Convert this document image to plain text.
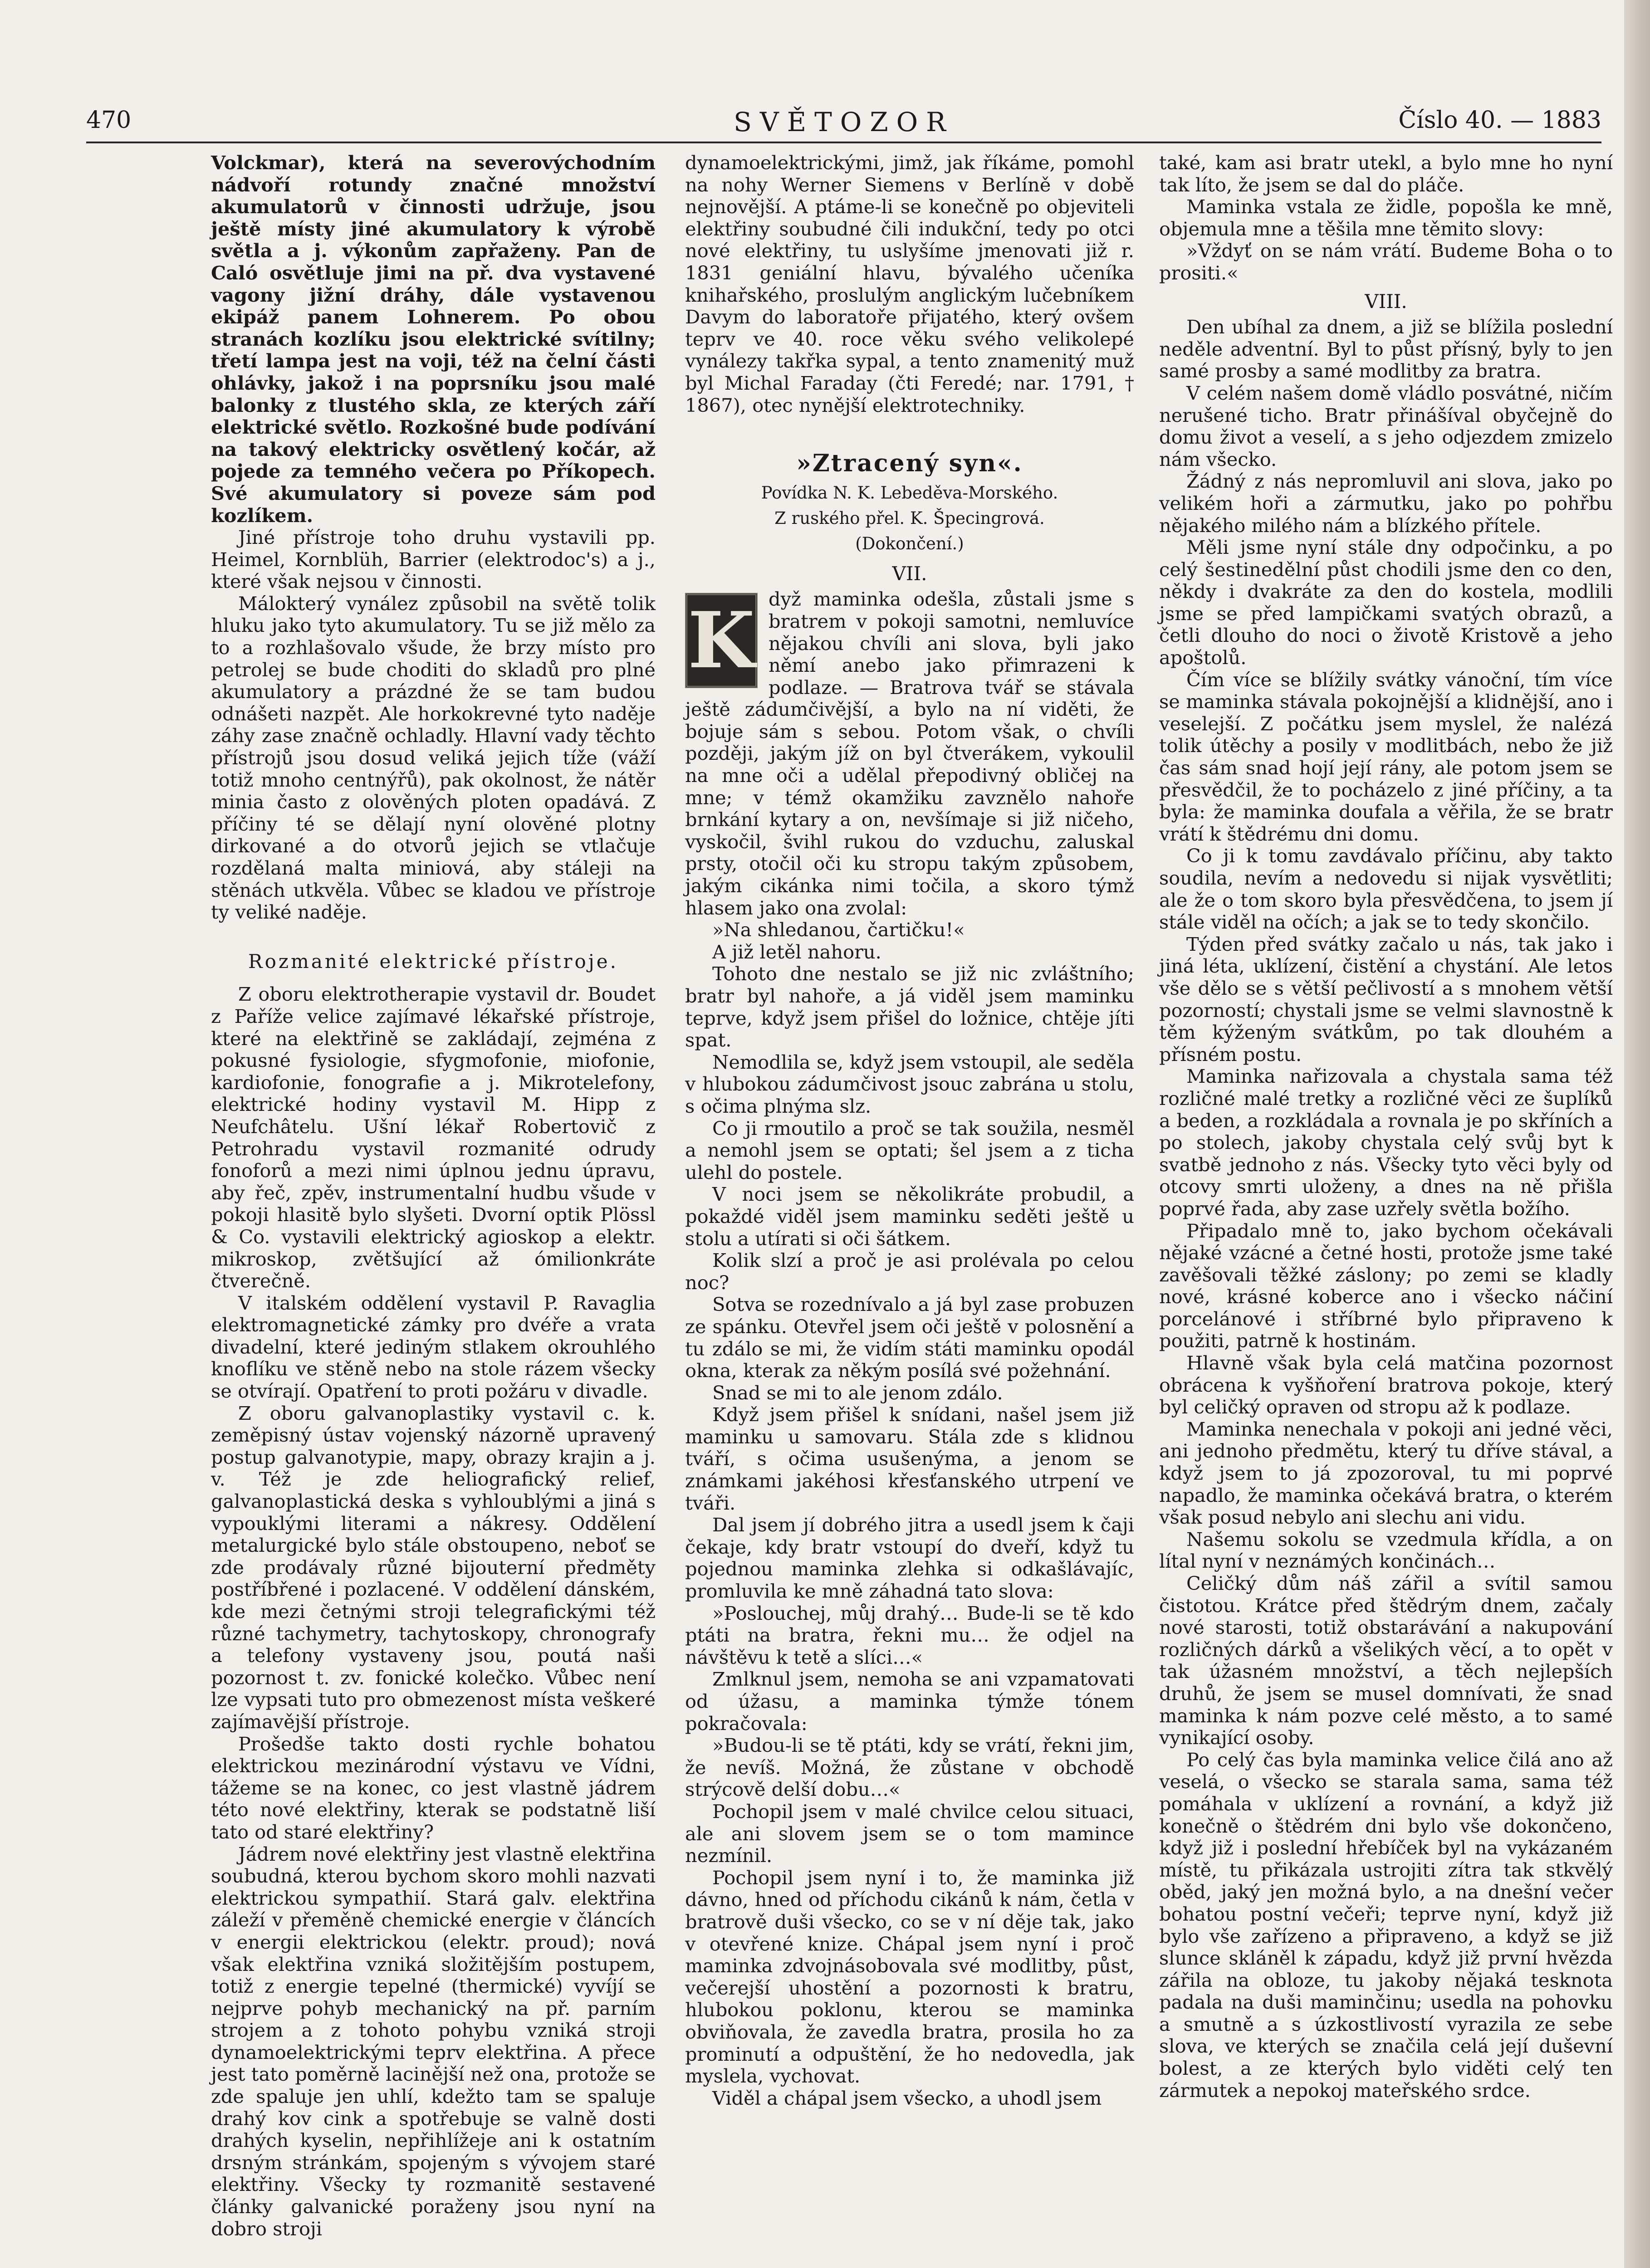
SVĚTOZOR
470	Číslo 40. — 1883

Volckmar), která na severovýchodním nádvoří rotundy značné množství akumulatorů v činnosti udržuje, jsou ještě místy jiné akumulatory k výrobě světla a j. výkonům zapřaženy. Pan de Caló osvětluje jimi na př. dva vystavené vagony jižní dráhy, dále vystavenou ekipáž panem Lohnerem. Po obou stranách kozlíku jsou elektrické svítilny; třetí lampa jest na voji, též na čelní části ohlávky, jakož i na poprsníku jsou malé balonky z tlustého skla, ze kterých září elektrické světlo. Rozkošné bude podívání na takový elektricky osvětlený kočár, až pojede za temného večera po Příkopech. Své akumulatory si poveze sám pod kozlíkem.

Jiné přístroje toho druhu vystavili pp. Heimel, Kornblüh, Barrier (elektrodoc's) a j., které však nejsou v činnosti.

Málokterý vynález způsobil na světě tolik hluku jako tyto akumulatory. Tu se již mělo za to a rozhlašovalo všude, že brzy místo pro petrolej se bude choditi do skladů pro plné akumulatory a prázdné že se tam budou odnášeti nazpět. Ale horkokrevné tyto naděje záhy zase značně ochladly. Hlavní vady těchto přístrojů jsou dosud veliká jejich tíže (váží totiž mnoho centnýřů), pak okolnost, že nátěr minia často z olověných ploten opadává. Z příčiny té se dělají nyní olověné plotny dirkované a do otvorů jejich se vtlačuje rozdělaná malta miniová, aby stáleji na stěnách utkvěla. Vůbec se kladou ve přístroje ty veliké naděje.

Rozmanité elektrické přístroje.

Z oboru elektrotherapie vystavil dr. Boudet z Paříže velice zajímavé lékařské přístroje, které na elektřině se zakládají, zejména z pokusné fysiologie, sfygmofonie, miofonie, kardiofonie, fonografie a j. Mikrotelefony, elektrické hodiny vystavil M. Hipp z Neufchâtelu. Ušní lékař Robertovič z Petrohradu vystavil rozmanité odrudy fonoforů a mezi nimi úplnou jednu úpravu, aby řeč, zpěv, instrumentalní hudbu všude v pokoji hlasitě bylo slyšeti. Dvorní optik Plössl & Co. vystavili elektrický agioskop a elektr. mikroskop, zvětšující až ómilionkráte čtverečně.

V italském oddělení vystavil P. Ravaglia elektromagnetické zámky pro dvéře a vrata divadelní, které jediným stlakem okrouhlého knoflíku ve stěně nebo na stole rázem všecky se otvírají. Opatření to proti požáru v divadle.

Z oboru galvanoplastiky vystavil c. k. zeměpisný ústav vojenský názorně upravený postup galvanotypie, mapy, obrazy krajin a j. v. Též je zde heliografický relief, galvanoplastická deska s vyhloublými a jiná s vypouklými literami a nákresy. Oddělení metalurgické bylo stále obstoupeno, neboť se zde prodávaly různé bijouterní předměty postříbřené i pozlacené. V oddělení dánském, kde mezi četnými stroji telegrafickými též různé tachymetry, tachytoskopy, chronografy a telefony vystaveny jsou, poutá naši pozornost t. zv. fonické kolečko. Vůbec není lze vypsati tuto pro obmezenost místa veškeré zajímavější přístroje.

Prošedše takto dosti rychle bohatou elektrickou mezinárodní výstavu ve Vídni, tážeme se na konec, co jest vlastně jádrem této nové elektřiny, kterak se podstatně liší tato od staré elektřiny?

Jádrem nové elektřiny jest vlastně elektřina soubudná, kterou bychom skoro mohli nazvati elektrickou sympathií. Stará galv. elektřina záleží v přeměně chemické energie v článcích v energii elektrickou (elektr. proud); nová však elektřina vzniká složitějším postupem, totiž z energie tepelné (thermické) vyvíjí se nejprve pohyb mechanický na př. parním strojem a z tohoto pohybu vzniká stroji dynamoelektrickými teprv elektřina. A přece jest tato poměrně lacinější než ona, protože se zde spaluje jen uhlí, kdežto tam se spaluje drahý kov cink a spotřebuje se valně dosti drahých kyselin, nepřihlížeje ani k ostatním drsným stránkám, spojeným s vývojem staré elektřiny. Všecky ty rozmanitě sestavené články galvanické poraženy jsou nyní na dobro stroji

dynamoelektrickými, jimž, jak říkáme, pomohl na nohy Werner Siemens v Berlíně v době nejnovější. A ptáme-li se konečně po objeviteli elektřiny soubudné čili indukční, tedy po otci nové elektřiny, tu uslyšíme jmenovati již r. 1831 geniální hlavu, bývalého učeníka knihařského, proslulým anglickým lučebníkem Davym do laboratoře přijatého, který ovšem teprv ve 40. roce věku svého velikolepé vynálezy takřka sypal, a tento znamenitý muž byl Michal Faraday (čti Feredé; nar. 1791, † 1867), otec nynější elektrotechniky.

»Ztracený syn«.
Povídka N. K. Lebeděva-Morského.
Z ruského přel. K. Špecingrová.
(Dokončení.)
VII.
K dyž maminka odešla, zůstali jsme s bratrem v pokoji samotni, nemluvíce nějakou chvíli ani slova, byli jako němí anebo jako přimrazeni k podlaze. — Bratrova tvář se stávala ještě zádumčivější, a bylo na ní viděti, že bojuje sám s sebou. Potom však, o chvíli později, jakým jíž on byl čtverákem, vykoulil na mne oči a udělal přepodivný obličej na mne; v témž okamžiku zavznělo nahoře brnkání kytary a on, nevšímaje si již ničeho, vyskočil, švihl rukou do vzduchu, zaluskal prsty, otočil oči ku stropu takým způsobem, jakým cikánka nimi točila, a skoro týmž hlasem jako ona zvolal:

»Na shledanou, čartičku!«

A již letěl nahoru.

Tohoto dne nestalo se již nic zvláštního; bratr byl nahoře, a já viděl jsem maminku teprve, když jsem přišel do ložnice, chtěje jíti spat.

Nemodlila se, když jsem vstoupil, ale seděla v hlubokou zádumčivost jsouc zabrána u stolu, s očima plnýma slz.

Co ji rmoutilo a proč se tak soužila, nesměl a nemohl jsem se optati; šel jsem a z ticha ulehl do postele.

V noci jsem se několikráte probudil, a pokaždé viděl jsem maminku seděti ještě u stolu a utírati si oči šátkem.

Kolik slzí a proč je asi prolévala po celou noc?

Sotva se rozednívalo a já byl zase probuzen ze spánku. Otevřel jsem oči ještě v polosnění a tu zdálo se mi, že vidím státi maminku opodál okna, kterak za někým posílá své požehnání.

Snad se mi to ale jenom zdálo.

Když jsem přišel k snídani, našel jsem již maminku u samovaru. Stála zde s klidnou tváří, s očima usušenýma, a jenom se známkami jakéhosi křesťanského utrpení ve tváři.

Dal jsem jí dobrého jitra a usedl jsem k čaji čekaje, kdy bratr vstoupí do dveří, když tu pojednou maminka zlehka si odkašlávajíc, promluvila ke mně záhadná tato slova:

»Poslouchej, můj drahý… Bude-li se tě kdo ptáti na bratra, řekni mu… že odjel na návštěvu k tetě a slíci…«

Zmlknul jsem, nemoha se ani vzpamatovati od úžasu, a maminka týmže tónem pokračovala:

»Budou-li se tě ptáti, kdy se vrátí, řekni jim, že nevíš. Možná, že zůstane v obchodě strýcově delší dobu…«

Pochopil jsem v malé chvilce celou situaci, ale ani slovem jsem se o tom mamince nezmínil.

Pochopil jsem nyní i to, že maminka již dávno, hned od příchodu cikánů k nám, četla v bratrově duši všecko, co se v ní děje tak, jako v otevřené knize. Chápal jsem nyní i proč maminka zdvojnásobovala své modlitby, půst, večerejší uhostění a pozornosti k bratru, hlubokou poklonu, kterou se maminka obviňovala, že zavedla bratra, prosila ho za prominutí a odpuštění, že ho nedovedla, jak myslela, vychovat.

Viděl a chápal jsem všecko, a uhodl jsem

také, kam asi bratr utekl, a bylo mne ho nyní tak líto, že jsem se dal do pláče.

Maminka vstala ze židle, popošla ke mně, objemula mne a těšila mne těmito slovy:

»Vždyť on se nám vrátí. Budeme Boha o to prositi.«

VIII.

Den ubíhal za dnem, a již se blížila poslední neděle adventní. Byl to půst přísný, byly to jen samé prosby a samé modlitby za bratra.

V celém našem domě vládlo posvátné, ničím nerušené ticho. Bratr přinášíval obyčejně do domu život a veselí, a s jeho odjezdem zmizelo nám všecko.

Žádný z nás nepromluvil ani slova, jako po velikém hoři a zármutku, jako po pohřbu nějakého milého nám a blízkého přítele.

Měli jsme nyní stále dny odpočinku, a po celý šestinedělní půst chodili jsme den co den, někdy i dvakráte za den do kostela, modlili jsme se před lampičkami svatých obrazů, a četli dlouho do noci o životě Kristově a jeho apoštolů.

Čím více se blížily svátky vánoční, tím více se maminka stávala pokojnější a klidnější, ano i veselejší. Z počátku jsem myslel, že nalézá tolik útěchy a posily v modlitbách, nebo že již čas sám snad hojí její rány, ale potom jsem se přesvědčil, že to pocházelo z jiné příčiny, a ta byla: že maminka doufala a věřila, že se bratr vrátí k štědrému dni domu.

Co ji k tomu zavdávalo příčinu, aby takto soudila, nevím a nedovedu si nijak vysvětliti; ale že o tom skoro byla přesvědčena, to jsem jí stále viděl na očích; a jak se to tedy skončilo.

Týden před svátky začalo u nás, tak jako i jiná léta, uklízení, čistění a chystání. Ale letos vše dělo se s větší pečlivostí a s mnohem větší pozorností; chystali jsme se velmi slavnostně k těm kýženým svátkům, po tak dlouhém a přísném postu.

Maminka nařizovala a chystala sama též rozličné malé tretky a rozličné věci ze šuplíků a beden, a rozkládala a rovnala je po skříních a po stolech, jakoby chystala celý svůj byt k svatbě jednoho z nás. Všecky tyto věci byly od otcovy smrti uloženy, a dnes na ně přišla poprvé řada, aby zase uzřely světla božího.

Připadalo mně to, jako bychom očekávali nějaké vzácné a četné hosti, protože jsme také zavěšovali těžké záslony; po zemi se kladly nové, krásné koberce ano i všecko náčiní porcelánové i stříbrné bylo připraveno k použiti, patrně k hostinám.

Hlavně však byla celá matčina pozornost obrácena k vyšňoření bratrova pokoje, který byl celičký opraven od stropu až k podlaze.

Maminka nenechala v pokoji ani jedné věci, ani jednoho předmětu, který tu dříve stával, a když jsem to já zpozoroval, tu mi poprvé napadlo, že maminka očekává bratra, o kterém však posud nebylo ani slechu ani vidu.

Našemu sokolu se vzedmula křídla, a on lítal nyní v neznámých končinách…

Celičký dům náš zářil a svítil samou čistotou. Krátce před štědrým dnem, začaly nové starosti, totiž obstarávání a nakupování rozličných dárků a všelikých věcí, a to opět v tak úžasném množství, a těch nejlepších druhů, že jsem se musel domnívati, že snad maminka k nám pozve celé město, a to samé vynikající osoby.

Po celý čas byla maminka velice čilá ano až veselá, o všecko se starala sama, sama též pomáhala v uklízení a rovnání, a když již konečně o štědrém dni bylo vše dokončeno, když již i poslední hřebíček byl na vykázaném místě, tu přikázala ustrojiti zítra tak stkvělý oběd, jaký jen možná bylo, a na dnešní večer bohatou postní večeři; teprve nyní, když již bylo vše zařízeno a připraveno, a když se již slunce skláněl k západu, když již první hvězda zářila na obloze, tu jakoby nějaká tesknota padala na duši maminčinu; usedla na pohovku a smutně a s úzkostlivostí vyrazila ze sebe slova, ve kterých se značila celá její duševní bolest, a ze kterých bylo viděti celý ten zármutek a nepokoj mateřského srdce.
